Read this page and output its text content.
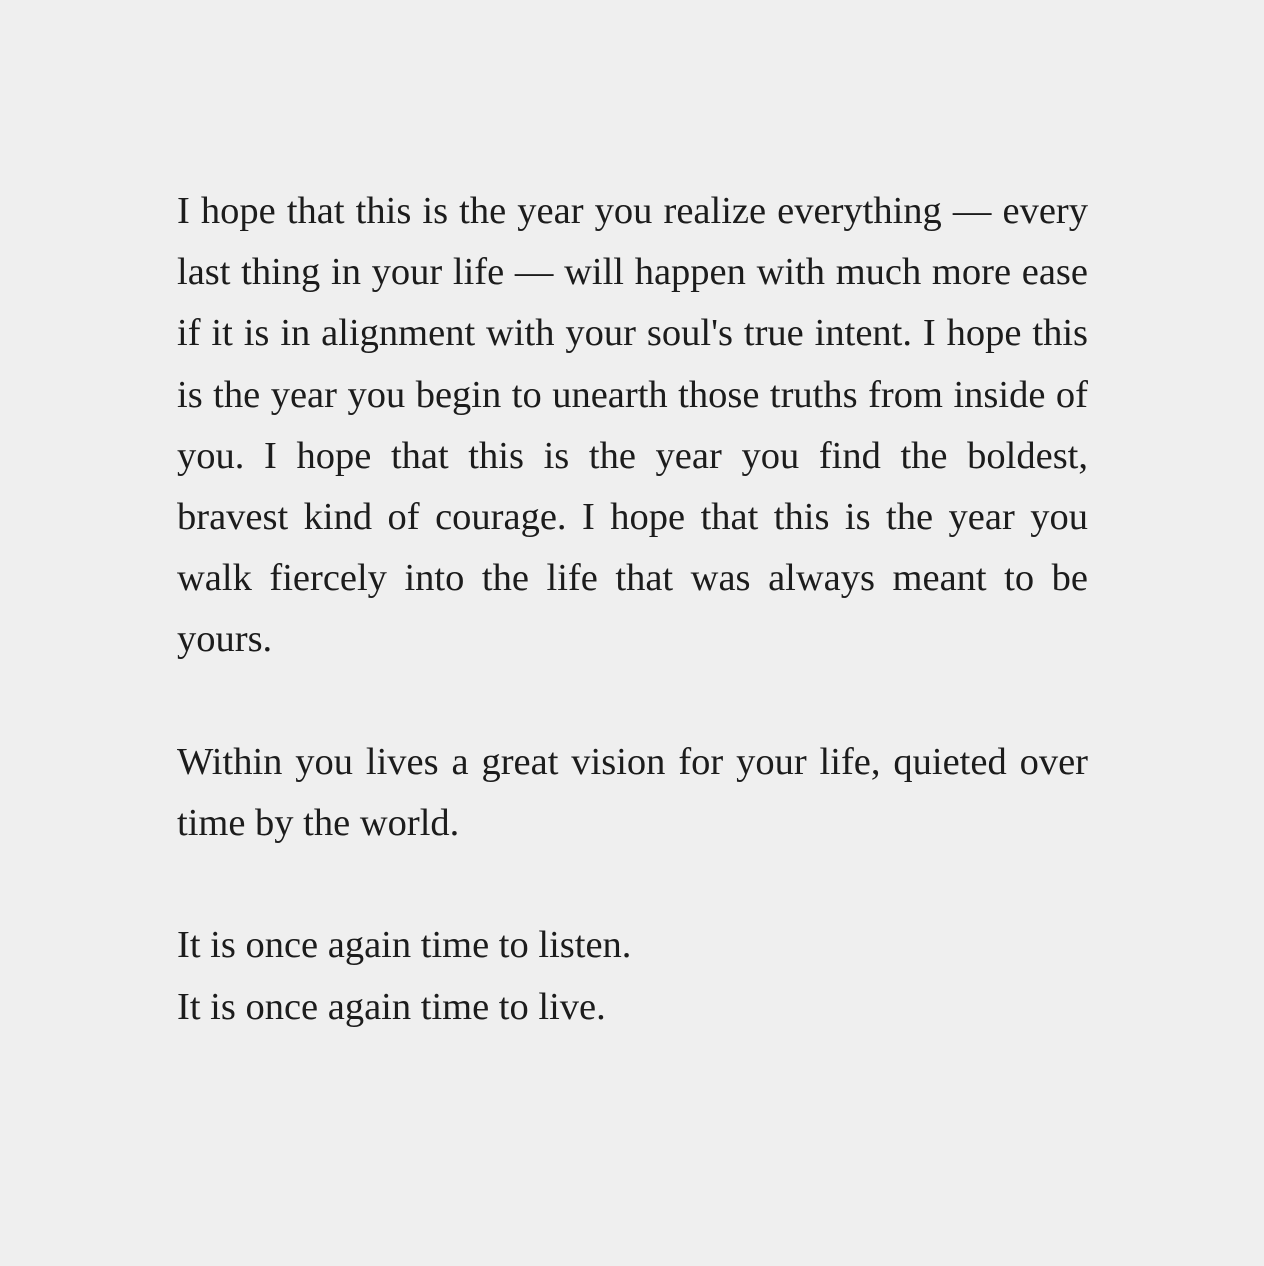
I hope that this is the year you realize everything — every last thing in your life — will happen with much more ease if it is in alignment with your soul's true intent. I hope this is the year you begin to unearth those truths from inside of you. I hope that this is the year you find the boldest, bravest kind of courage. I hope that this is the year you walk fiercely into the life that was always meant to be yours.

Within you lives a great vision for your life, quieted over time by the world.

It is once again time to listen.
It is once again time to live.
